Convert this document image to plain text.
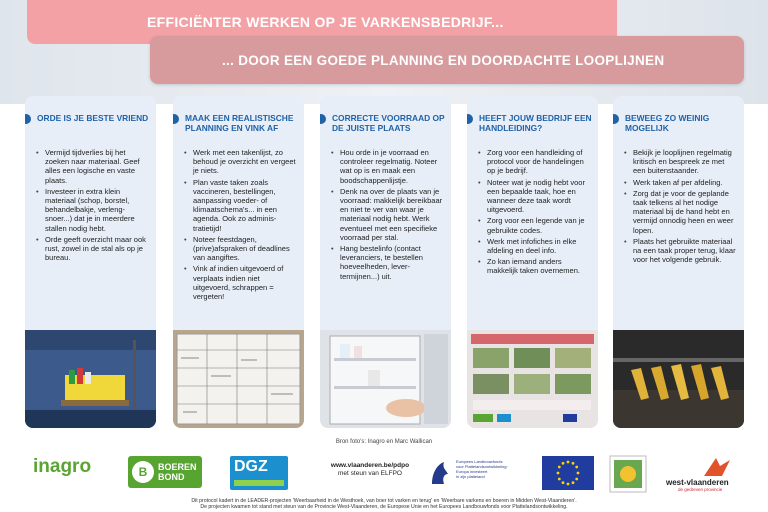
EFFICIËNTER WERKEN OP JE VARKENSBEDRIJF...
... DOOR EEN GOEDE PLANNING EN DOORDACHTE LOOPLIJNEN
ORDE IS JE BESTE VRIEND
• Vermijd tijdverlies bij het zoeken naar materiaal. Geef alles een logische en vaste plaats.
• Investeer in extra klein materiaal (schop, borstel, behandelbakje, verleng-snoer...) dat je in meerdere stallen nodig hebt.
• Orde geeft overzicht maar ook rust, zowel in de stal als op je bureau.
MAAK EEN REALISTISCHE PLANNING EN VINK AF
• Werk met een takenlijst, zo behoud je overzicht en vergeet je niets.
• Plan vaste taken zoals vaccineren, bestellingen, aanpassing voeder- of klimaatschema's... in een agenda. Ook zo adminis-tratietijd!
• Noteer feestdagen, (prive)afspraken of deadlines van aangiftes.
• Vink af indien uitgevoerd of verplaats indien niet uitgevoerd, schrappen = vergeten!
CORRECTE VOORRAAD OP DE JUISTE PLAATS
• Hou orde in je voorraad en controleer regelmatig. Noteer wat op is en maak een boodschappenlijstje.
• Denk na over de plaats van je voorraad: makkelijk bereikbaar en niet te ver van waar je materiaal nodig hebt. Werk eventueel met een specifieke voorraad per stal.
• Hang bestelinfo (contact leveranciers, te bestellen hoeveelheden, lever-termijnen...) uit.
HEEFT JOUW BEDRIJF EEN HANDLEIDING?
• Zorg voor een handleiding of protocol voor de handelingen op je bedrijf.
• Noteer wat je nodig hebt voor een bepaalde taak, hoe en wanneer deze taak wordt uitgevoerd.
• Zorg voor een legende van je gebruikte codes.
• Werk met infofiches in elke afdeling en deel info.
• Zo kan iemand anders makkelijk taken overnemen.
BEWEEG ZO WEINIG MOGELIJK
• Bekijk je looplijnen regelmatig kritisch en bespreek ze met een buitenstaander.
• Werk taken af per afdeling.
• Zorg dat je voor de geplande taak telkens al het nodige materiaal bij de hand hebt en vermijd onnodig heen en weer lopen.
• Plaats het gebruikte materiaal na een taak proper terug, klaar voor het volgende gebruik.
Bron foto's: Inagro en Marc Wallican
inagro	B	BOEREN
BOND
DGZ	www.vlaanderen.be/pdpo
met steun van ELFPO
Europees Landbouwfonds
voor Plattelandsontwikkeling:
Europa investeert
in zijn platteland
west-vlaanderen
de gedreven provincie
Dit protocol kadert in de LEADER-projecten 'Weerbaarheid in de Westhoek, van boer tot varken en terug' en 'Weerbare varkens en boeren in Midden West-Vlaanderen'.
De projecten kwamen tot stand met steun van de Provincie West-Vlaanderen, de Europese Unie en het Europees Landbouwfonds voor Plattelandsontwikkeling.
